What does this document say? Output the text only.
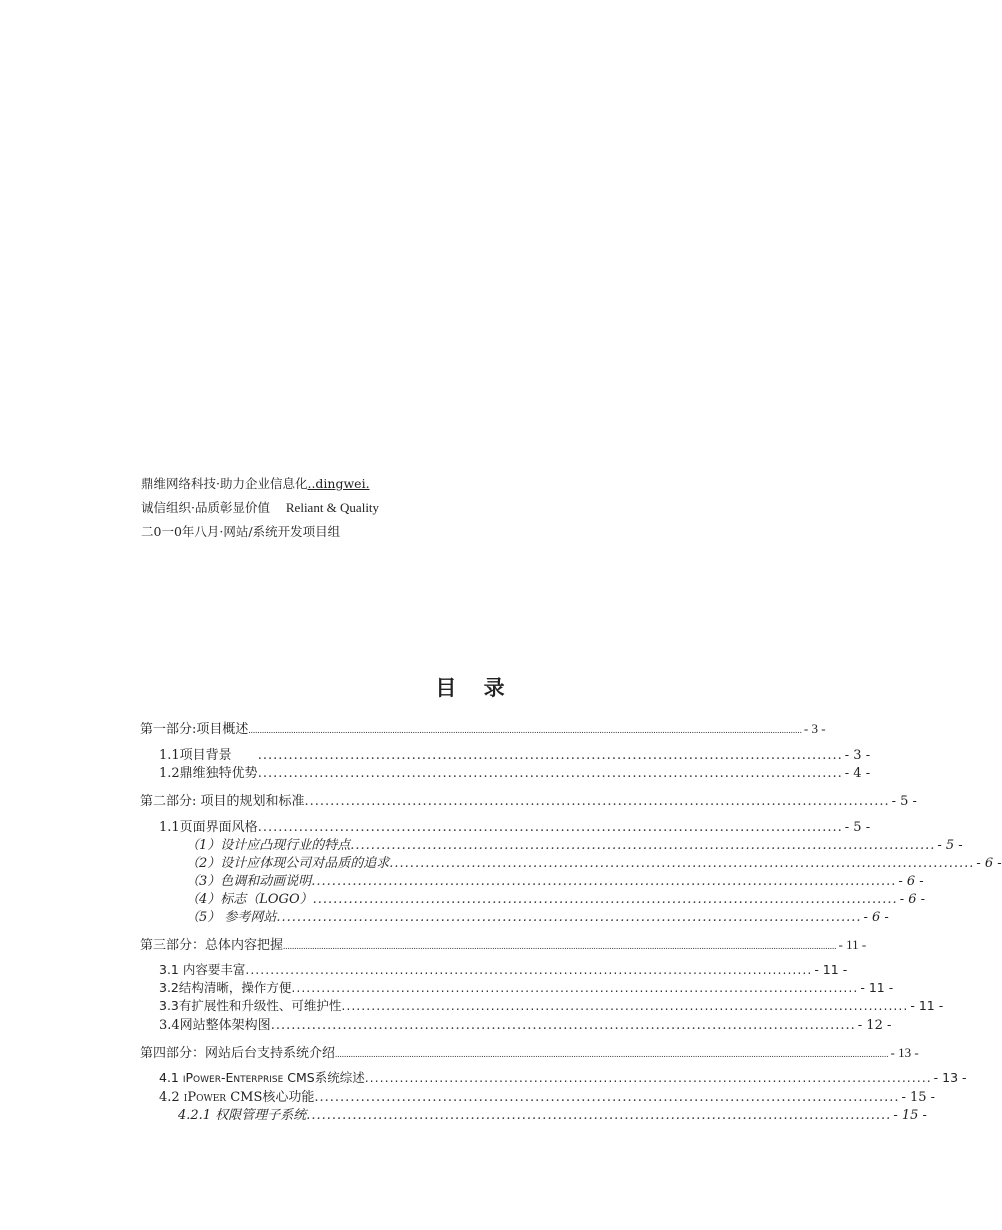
鼎维网络科技·助力企业信息化..dingwei.
诚信组织·品质彰显价值 Reliant & Quality
二0一0年八月·网站/系统开发项目组
目 录
第一部分:项目概述 ...................................................................................................................................................................................................................................................... - 3 -
1.1项目背景　　 .................................................................................................................. - 3 -
1.2鼎维独特优势 .................................................................................................................. - 4 -
第二部分: 项目的规划和标准 .................................................................................................................. - 5 -
1.1页面界面风格 .................................................................................................................. - 5 -
（1）设计应凸现行业的特点 .................................................................................................................. - 5 -
（2）设计应体现公司对品质的追求 .................................................................................................................. - 6 -
（3）色调和动画说明 .................................................................................................................. - 6 -
（4）标志（LOGO） .................................................................................................................. - 6 -
（5） 参考网站 .................................................................................................................. - 6 -
第三部分：总体内容把握 ...................................................................................................................................................................................................................................................... - 11 -
3.1 内容要丰富 .................................................................................................................. - 11 -
3.2结构清晰，操作方便 .................................................................................................................. - 11 -
3.3有扩展性和升级性、可维护性 .................................................................................................................. - 11 -
3.4网站整体架构图 .................................................................................................................. - 12 -
第四部分：网站后台支持系统介绍 ...................................................................................................................................................................................................................................................... - 13 -
4.1 iPower-Enterprise CMS系统综述 .................................................................................................................. - 13 -
4.2 iPower CMS核心功能 .................................................................................................................. - 15 -
4.2.1 权限管理子系统 .................................................................................................................. - 15 -
